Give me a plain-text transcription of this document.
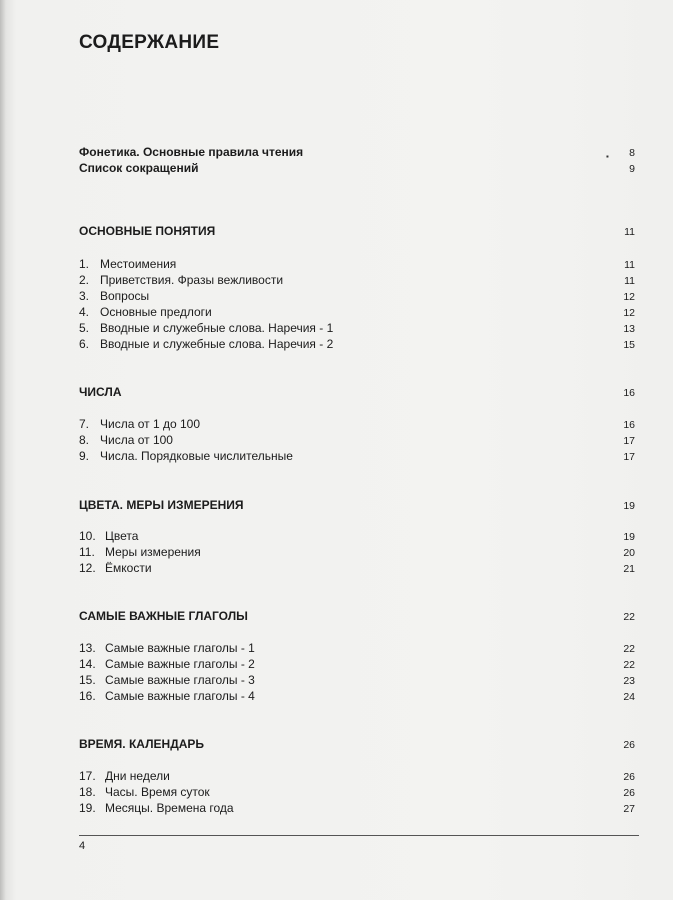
СОДЕРЖАНИЕ
Фонетика. Основные правила чтения	8
▪
Список сокращений	9
ОСНОВНЫЕ ПОНЯТИЯ	11
1. Местоимения	11
2. Приветствия. Фразы вежливости	11
3. Вопросы	12
4. Основные предлоги	12
5. Вводные и служебные слова. Наречия - 1	13
6. Вводные и служебные слова. Наречия - 2	15
ЧИСЛА	16
7. Числа от 1 до 100	16
8. Числа от 100	17
9. Числа. Порядковые числительные	17
ЦВЕТА. МЕРЫ ИЗМЕРЕНИЯ	19
10. Цвета	19
11. Меры измерения	20
12. Ёмкости	21
САМЫЕ ВАЖНЫЕ ГЛАГОЛЫ	22
13. Самые важные глаголы - 1	22
14. Самые важные глаголы - 2	22
15. Самые важные глаголы - 3	23
16. Самые важные глаголы - 4	24
ВРЕМЯ. КАЛЕНДАРЬ	26
17. Дни недели	26
18. Часы. Время суток	26
19. Месяцы. Времена года	27
4
